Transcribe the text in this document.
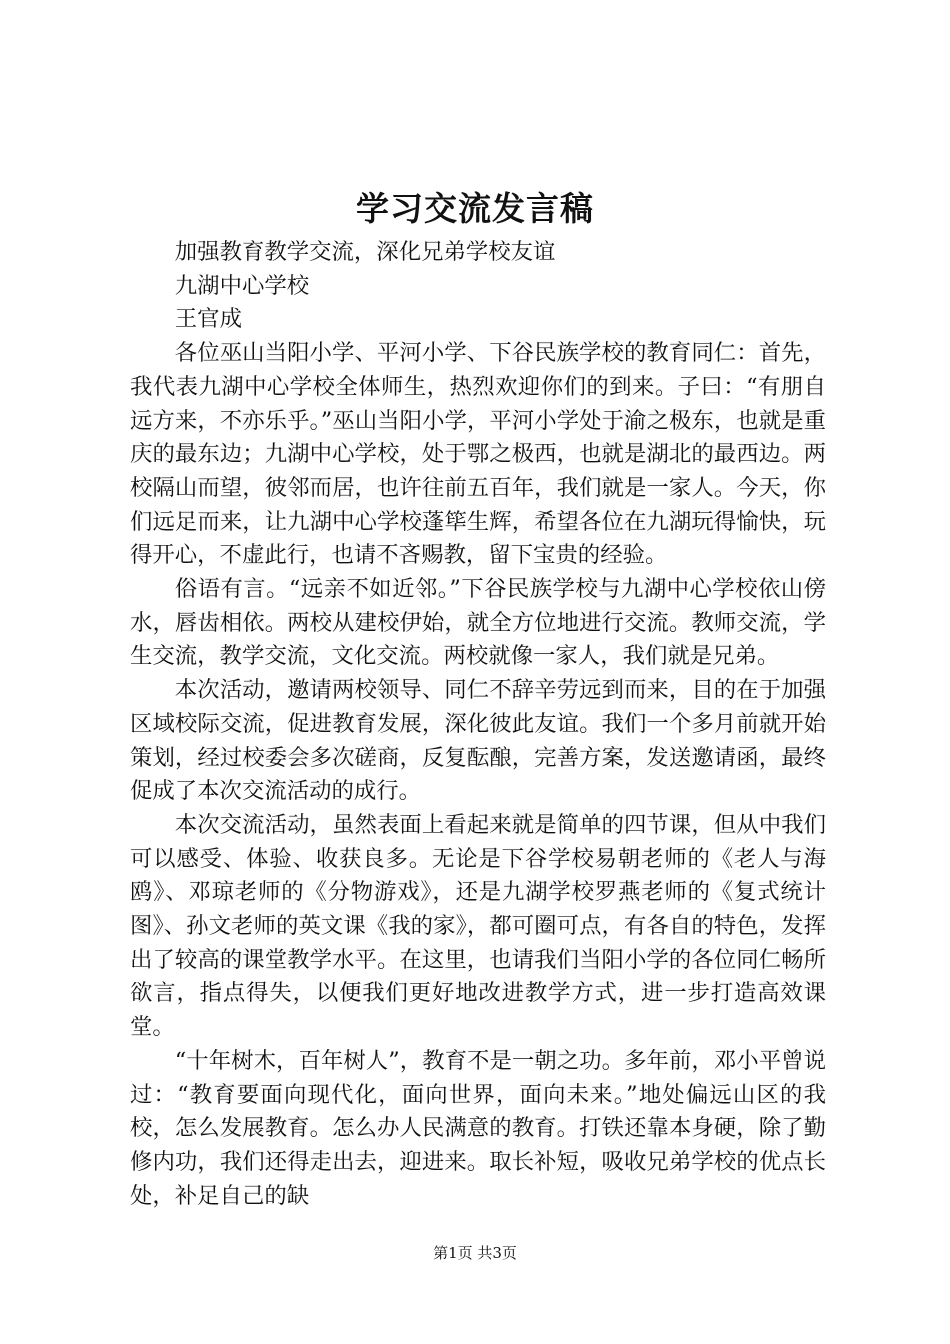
学习交流发言稿

加强教育教学交流，深化兄弟学校友谊

九湖中心学校

王官成

各位巫山当阳小学、平河小学、下谷民族学校的教育同仁：首先，我代表九湖中心学校全体师生，热烈欢迎你们的到来。子曰：“有朋自远方来，不亦乐乎。”巫山当阳小学，平河小学处于渝之极东，也就是重庆的最东边；九湖中心学校，处于鄂之极西，也就是湖北的最西边。两校隔山而望，彼邻而居，也许往前五百年，我们就是一家人。今天，你们远足而来，让九湖中心学校蓬筚生辉，希望各位在九湖玩得愉快，玩得开心，不虚此行，也请不吝赐教，留下宝贵的经验。

俗语有言。“远亲不如近邻。”下谷民族学校与九湖中心学校依山傍水，唇齿相依。两校从建校伊始，就全方位地进行交流。教师交流，学生交流，教学交流，文化交流。两校就像一家人，我们就是兄弟。

本次活动，邀请两校领导、同仁不辞辛劳远到而来，目的在于加强区域校际交流，促进教育发展，深化彼此友谊。我们一个多月前就开始策划，经过校委会多次磋商，反复酝酿，完善方案，发送邀请函，最终促成了本次交流活动的成行。

本次交流活动，虽然表面上看起来就是简单的四节课，但从中我们可以感受、体验、收获良多。无论是下谷学校易朝老师的《老人与海鸥》、邓琼老师的《分物游戏》，还是九湖学校罗燕老师的《复式统计图》、孙文老师的英文课《我的家》，都可圈可点，有各自的特色，发挥出了较高的课堂教学水平。在这里，也请我们当阳小学的各位同仁畅所欲言，指点得失，以便我们更好地改进教学方式，进一步打造高效课堂。

“十年树木，百年树人”，教育不是一朝之功。多年前，邓小平曾说过：“教育要面向现代化，面向世界，面向未来。”地处偏远山区的我校，怎么发展教育。怎么办人民满意的教育。打铁还靠本身硬，除了勤修内功，我们还得走出去，迎进来。取长补短，吸收兄弟学校的优点长处，补足自己的缺

第1页 共3页
